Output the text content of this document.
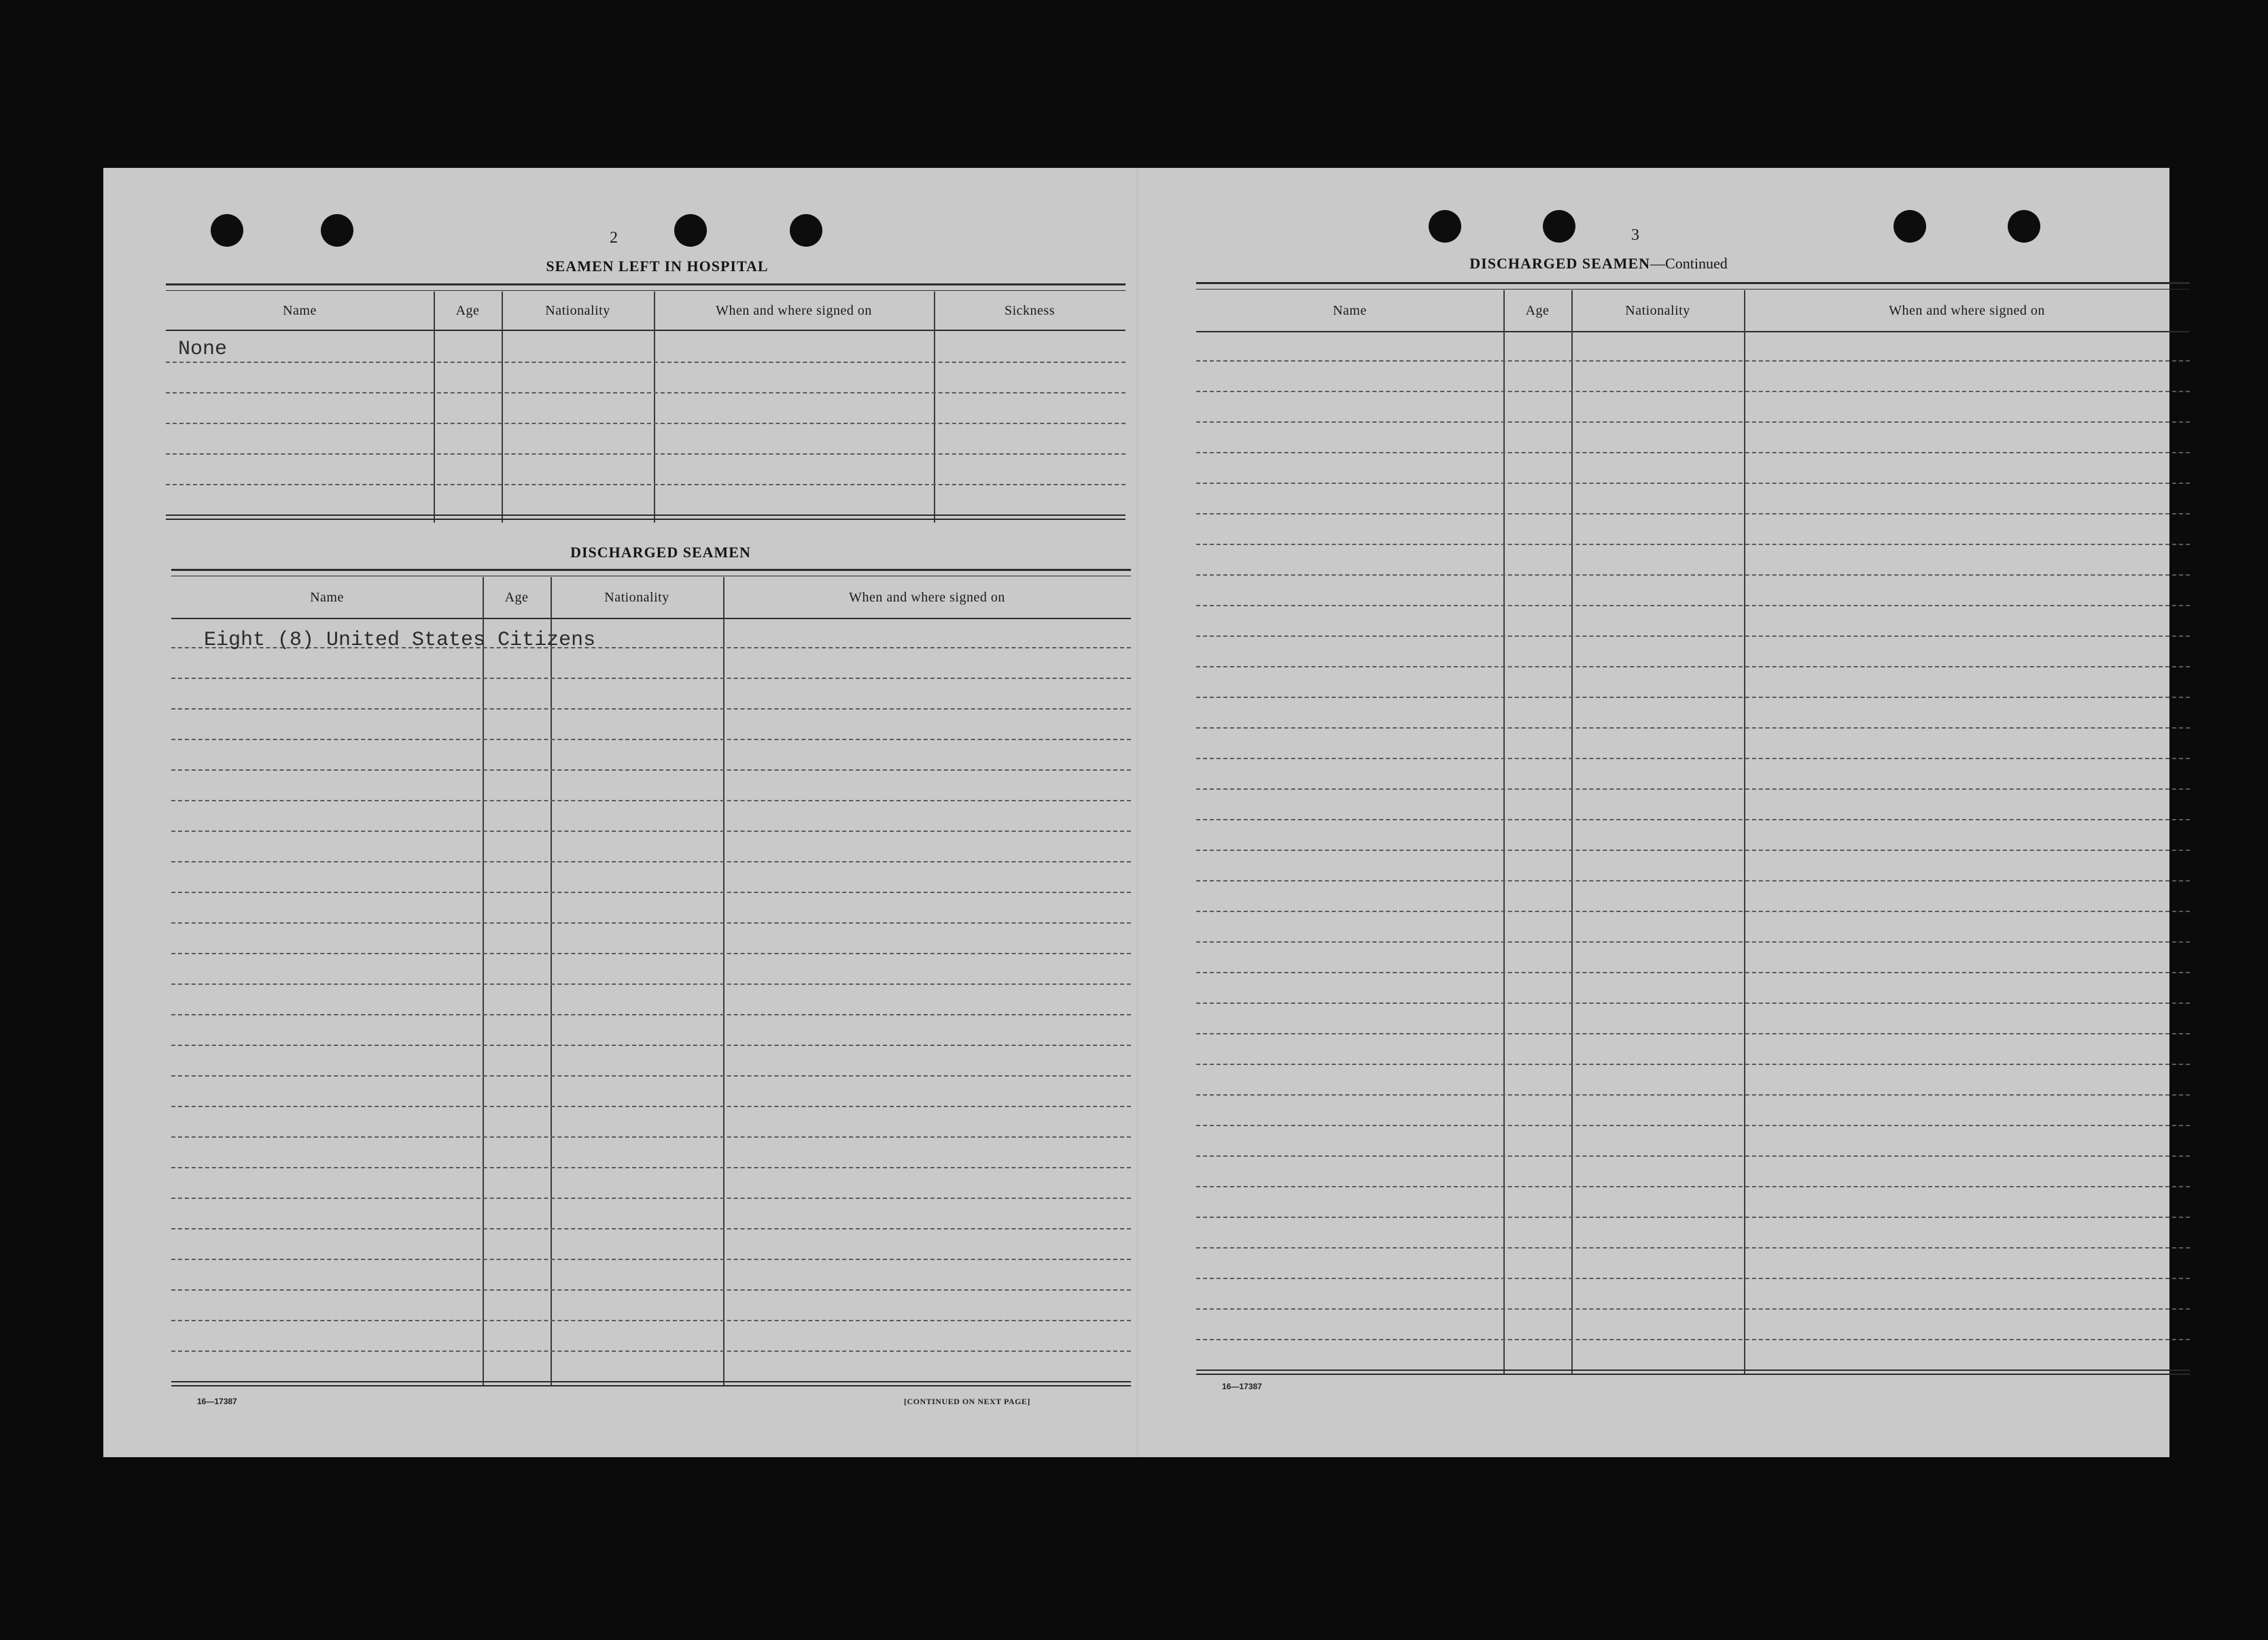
2
SEAMEN LEFT IN HOSPITAL
Name	Age	Nationality	When and where signed on	Sickness
None
DISCHARGED SEAMEN
Name	Age	Nationality	When and where signed on
Eight (8) United States Citizens
16—17387	[CONTINUED ON NEXT PAGE]
3
DISCHARGED SEAMEN—Continued
Name	Age	Nationality	When and where signed on
16—17387
